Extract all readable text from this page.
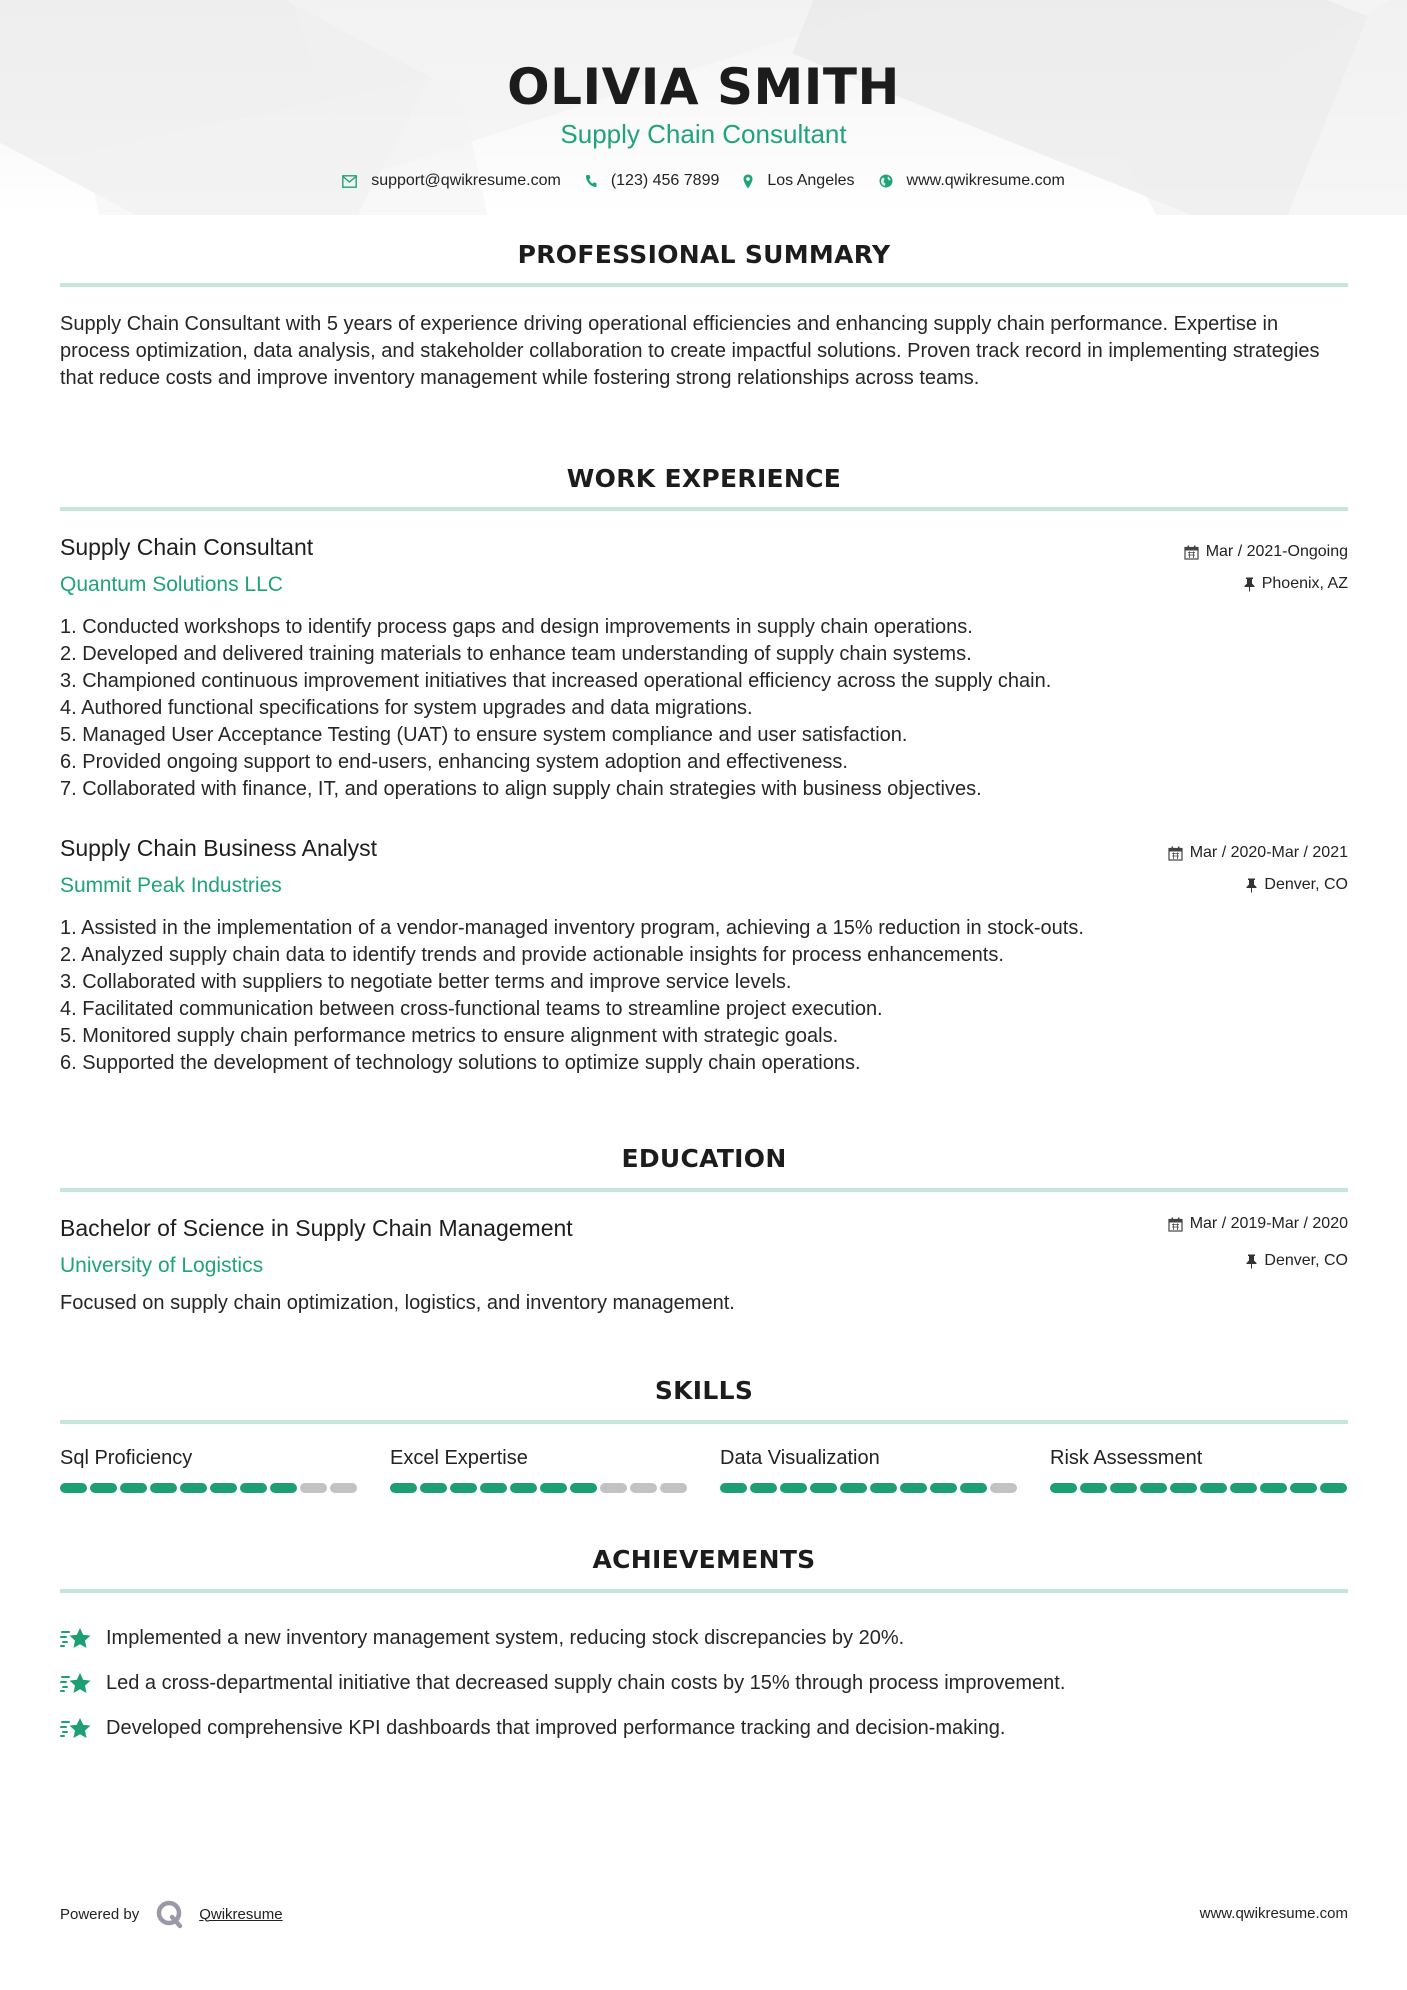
OLIVIA SMITH
Supply Chain Consultant
support@qwikresume.com	(123) 456 7899	Los Angeles	www.qwikresume.com
PROFESSIONAL SUMMARY

Supply Chain Consultant with 5 years of experience driving operational efficiencies and enhancing supply chain performance. Expertise in process optimization, data analysis, and stakeholder collaboration to create impactful solutions. Proven track record in implementing strategies that reduce costs and improve inventory management while fostering strong relationships across teams.

WORK EXPERIENCE
Supply Chain Consultant
Quantum Solutions LLC
Mar / 2021-Ongoing
Phoenix, AZ
1. Conducted workshops to identify process gaps and design improvements in supply chain operations.
2. Developed and delivered training materials to enhance team understanding of supply chain systems.
3. Championed continuous improvement initiatives that increased operational efficiency across the supply chain.
4. Authored functional specifications for system upgrades and data migrations.
5. Managed User Acceptance Testing (UAT) to ensure system compliance and user satisfaction.
6. Provided ongoing support to end-users, enhancing system adoption and effectiveness.
7. Collaborated with finance, IT, and operations to align supply chain strategies with business objectives.
Supply Chain Business Analyst
Summit Peak Industries
Mar / 2020-Mar / 2021
Denver, CO
1. Assisted in the implementation of a vendor-managed inventory program, achieving a 15% reduction in stock-outs.
2. Analyzed supply chain data to identify trends and provide actionable insights for process enhancements.
3. Collaborated with suppliers to negotiate better terms and improve service levels.
4. Facilitated communication between cross-functional teams to streamline project execution.
5. Monitored supply chain performance metrics to ensure alignment with strategic goals.
6. Supported the development of technology solutions to optimize supply chain operations.
EDUCATION
Bachelor of Science in Supply Chain Management
University of Logistics
Mar / 2019-Mar / 2020
Denver, CO
Focused on supply chain optimization, logistics, and inventory management.
SKILLS
Sql Proficiency	Excel Expertise	Data Visualization	Risk Assessment
ACHIEVEMENTS
Implemented a new inventory management system, reducing stock discrepancies by 20%.
Led a cross-departmental initiative that decreased supply chain costs by 15% through process improvement.
Developed comprehensive KPI dashboards that improved performance tracking and decision-making.
Powered by	Qwikresume	www.qwikresume.com
